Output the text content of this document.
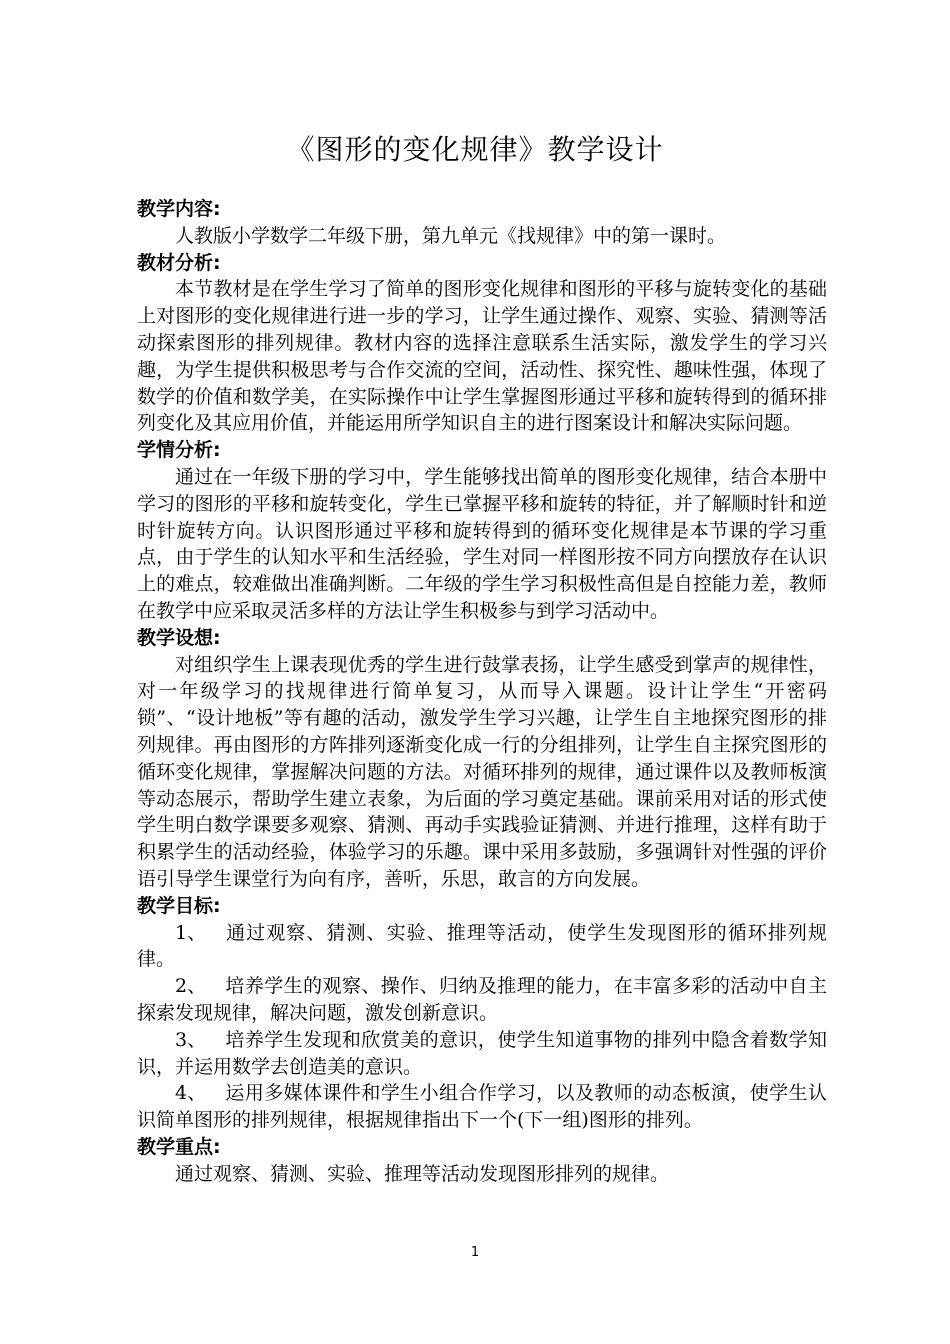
《图形的变化规律》教学设计

教学内容:

人教版小学数学二年级下册，第九单元《找规律》中的第一课时。

教材分析:

本节教材是在学生学习了简单的图形变化规律和图形的平移与旋转变化的基础上对图形的变化规律进行进一步的学习，让学生通过操作、观察、实验、猜测等活动探索图形的排列规律。教材内容的选择注意联系生活实际，激发学生的学习兴趣，为学生提供积极思考与合作交流的空间，活动性、探究性、趣味性强，体现了数学的价值和数学美，在实际操作中让学生掌握图形通过平移和旋转得到的循环排列变化及其应用价值，并能运用所学知识自主的进行图案设计和解决实际问题。

学情分析:

通过在一年级下册的学习中，学生能够找出简单的图形变化规律，结合本册中学习的图形的平移和旋转变化，学生已掌握平移和旋转的特征，并了解顺时针和逆时针旋转方向。认识图形通过平移和旋转得到的循环变化规律是本节课的学习重点，由于学生的认知水平和生活经验，学生对同一样图形按不同方向摆放存在认识上的难点，较难做出准确判断。二年级的学生学习积极性高但是自控能力差，教师在教学中应采取灵活多样的方法让学生积极参与到学习活动中。

教学设想:

对组织学生上课表现优秀的学生进行鼓掌表扬，让学生感受到掌声的规律性，对一年级学习的找规律进行简单复习，从而导入课题。设计让学生“开密码锁”、“设计地板”等有趣的活动，激发学生学习兴趣，让学生自主地探究图形的排列规律。再由图形的方阵排列逐渐变化成一行的分组排列，让学生自主探究图形的循环变化规律，掌握解决问题的方法。对循环排列的规律，通过课件以及教师板演等动态展示，帮助学生建立表象，为后面的学习奠定基础。课前采用对话的形式使学生明白数学课要多观察、猜测、再动手实践验证猜测、并进行推理，这样有助于积累学生的活动经验，体验学习的乐趣。课中采用多鼓励，多强调针对性强的评价语引导学生课堂行为向有序，善听，乐思，敢言的方向发展。

教学目标:

1、 通过观察、猜测、实验、推理等活动，使学生发现图形的循环排列规律。

2、 培养学生的观察、操作、归纳及推理的能力，在丰富多彩的活动中自主探索发现规律，解决问题，激发创新意识。

3、 培养学生发现和欣赏美的意识，使学生知道事物的排列中隐含着数学知识，并运用数学去创造美的意识。

4、 运用多媒体课件和学生小组合作学习，以及教师的动态板演，使学生认识简单图形的排列规律，根据规律指出下一个(下一组)图形的排列。

教学重点:

通过观察、猜测、实验、推理等活动发现图形排列的规律。

1
